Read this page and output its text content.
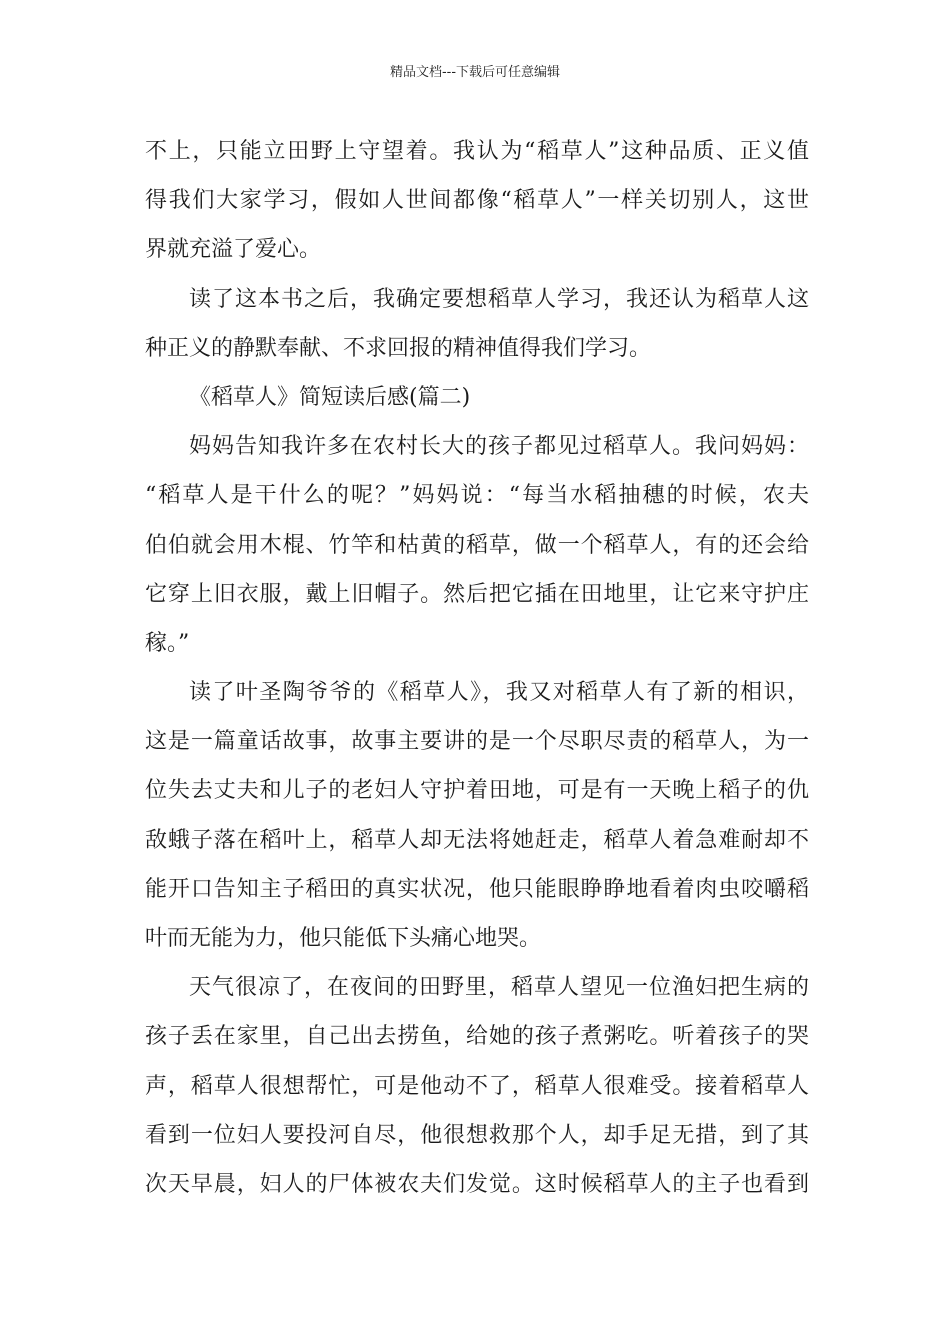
精品文档---下载后可任意编辑
不上，只能立田野上守望着。我认为“稻草人”这种品质、正义值
得我们大家学习，假如人世间都像“稻草人”一样关切别人，这世
界就充溢了爱心。
读了这本书之后，我确定要想稻草人学习，我还认为稻草人这
种正义的静默奉献、不求回报的精神值得我们学习。
《稻草人》简短读后感(篇二)
妈妈告知我许多在农村长大的孩子都见过稻草人。我问妈妈：
“稻草人是干什么的呢？”妈妈说：“每当水稻抽穗的时候，农夫
伯伯就会用木棍、竹竿和枯黄的稻草，做一个稻草人，有的还会给
它穿上旧衣服，戴上旧帽子。然后把它插在田地里，让它来守护庄
稼。”
读了叶圣陶爷爷的《稻草人》，我又对稻草人有了新的相识，
这是一篇童话故事，故事主要讲的是一个尽职尽责的稻草人，为一
位失去丈夫和儿子的老妇人守护着田地，可是有一天晚上稻子的仇
敌蛾子落在稻叶上，稻草人却无法将她赶走，稻草人着急难耐却不
能开口告知主子稻田的真实状况，他只能眼睁睁地看着肉虫咬嚼稻
叶而无能为力，他只能低下头痛心地哭。
天气很凉了，在夜间的田野里，稻草人望见一位渔妇把生病的
孩子丢在家里，自己出去捞鱼，给她的孩子煮粥吃。听着孩子的哭
声，稻草人很想帮忙，可是他动不了，稻草人很难受。接着稻草人
看到一位妇人要投河自尽，他很想救那个人，却手足无措，到了其
次天早晨，妇人的尸体被农夫们发觉。这时候稻草人的主子也看到
